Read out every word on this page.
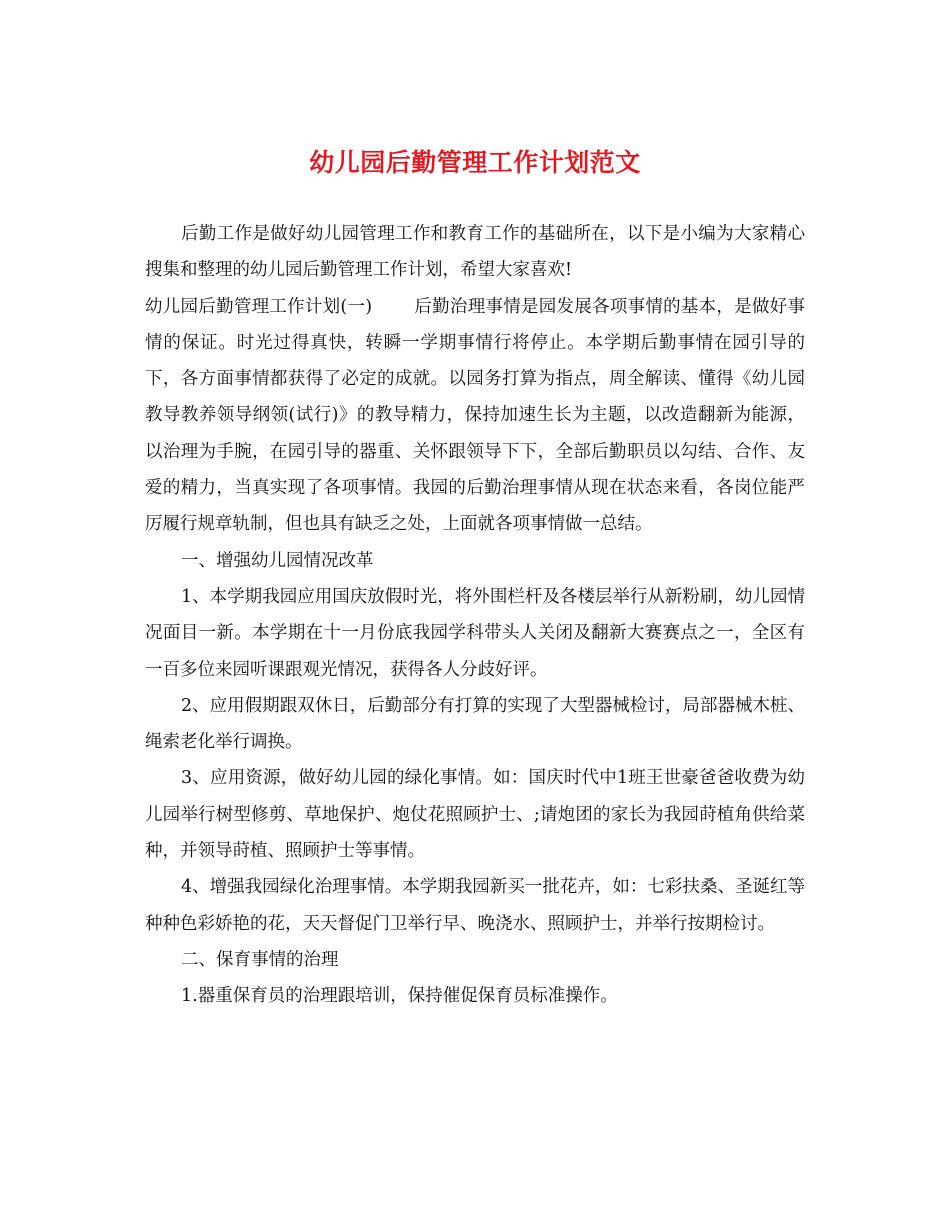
幼儿园后勤管理工作计划范文

后勤工作是做好幼儿园管理工作和教育工作的基础所在，以下是小编为大家精心搜集和整理的幼儿园后勤管理工作计划，希望大家喜欢!

幼儿园后勤管理工作计划(一) 后勤治理事情是园发展各项事情的基本，是做好事情的保证。时光过得真快，转瞬一学期事情行将停止。本学期后勤事情在园引导的下，各方面事情都获得了必定的成就。以园务打算为指点，周全解读、懂得《幼儿园教导教养领导纲领(试行)》的教导精力，保持加速生长为主题，以改造翻新为能源，以治理为手腕，在园引导的器重、关怀跟领导下下，全部后勤职员以勾结、合作、友爱的精力，当真实现了各项事情。我园的后勤治理事情从现在状态来看，各岗位能严厉履行规章轨制，但也具有缺乏之处，上面就各项事情做一总结。

一、增强幼儿园情况改革

1、本学期我园应用国庆放假时光，将外围栏杆及各楼层举行从新粉刷，幼儿园情况面目一新。本学期在十一月份底我园学科带头人关闭及翻新大赛赛点之一，全区有一百多位来园听课跟观光情况，获得各人分歧好评。

2、应用假期跟双休日，后勤部分有打算的实现了大型器械检讨，局部器械木桩、绳索老化举行调换。

3、应用资源，做好幼儿园的绿化事情。如：国庆时代中1班王世豪爸爸收费为幼儿园举行树型修剪、草地保护、炮仗花照顾护士、;请炮团的家长为我园莳植角供给菜种，并领导莳植、照顾护士等事情。

4、增强我园绿化治理事情。本学期我园新买一批花卉，如：七彩扶桑、圣诞红等种种色彩娇艳的花，天天督促门卫举行早、晚浇水、照顾护士，并举行按期检讨。

二、保育事情的治理

1.器重保育员的治理跟培训，保持催促保育员标准操作。
